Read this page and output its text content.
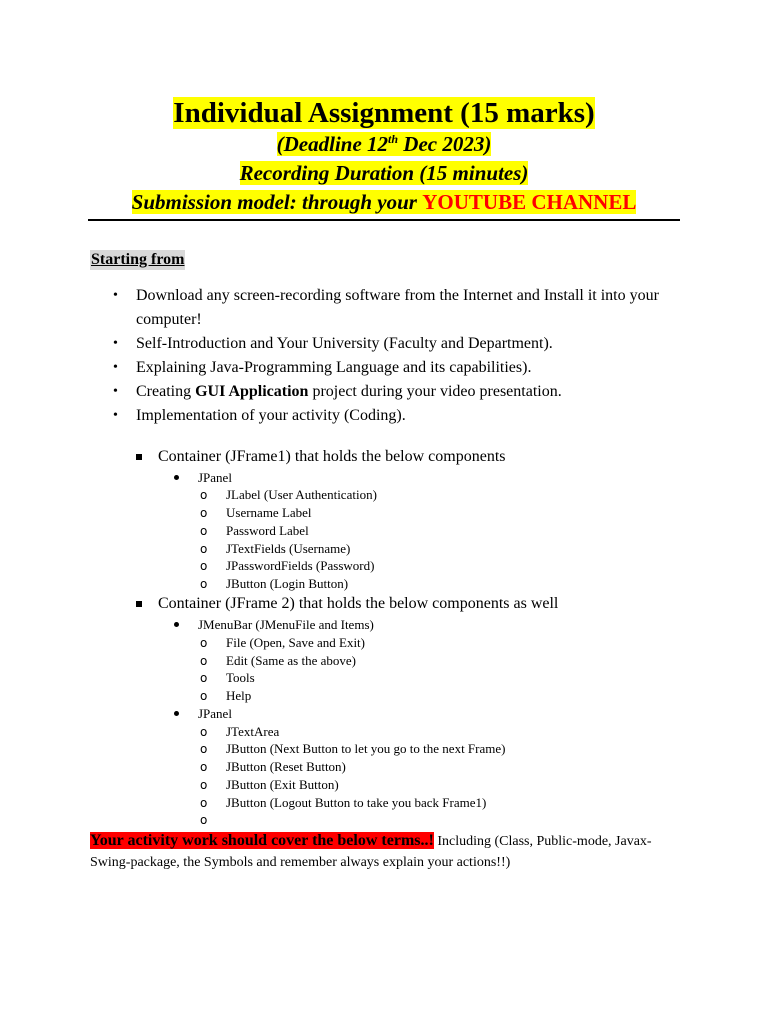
Individual Assignment (15 marks)
(Deadline 12th Dec 2023)
Recording Duration (15 minutes)
Submission model: through your YOUTUBE CHANNEL
Starting from
• Download any screen-recording software from the Internet and Install it into your computer!
• Self-Introduction and Your University (Faculty and Department).
• Explaining Java-Programming Language and its capabilities).
• Creating GUI Application project during your video presentation.
• Implementation of your activity (Coding).
Container (JFrame1) that holds the below components
JPanel
o JLabel (User Authentication)
o Username Label
o Password Label
o JTextFields (Username)
o JPasswordFields (Password)
o JButton (Login Button)
Container (JFrame 2) that holds the below components as well
JMenuBar (JMenuFile and Items)
o File (Open, Save and Exit)
o Edit (Same as the above)
o Tools
o Help
JPanel
o JTextArea
o JButton (Next Button to let you go to the next Frame)
o JButton (Reset Button)
o JButton (Exit Button)
o JButton (Logout Button to take you back Frame1)
o
Your activity work should cover the below terms..! Including (Class, Public-mode, Javax-Swing-package, the Symbols and remember always explain your actions!!)
